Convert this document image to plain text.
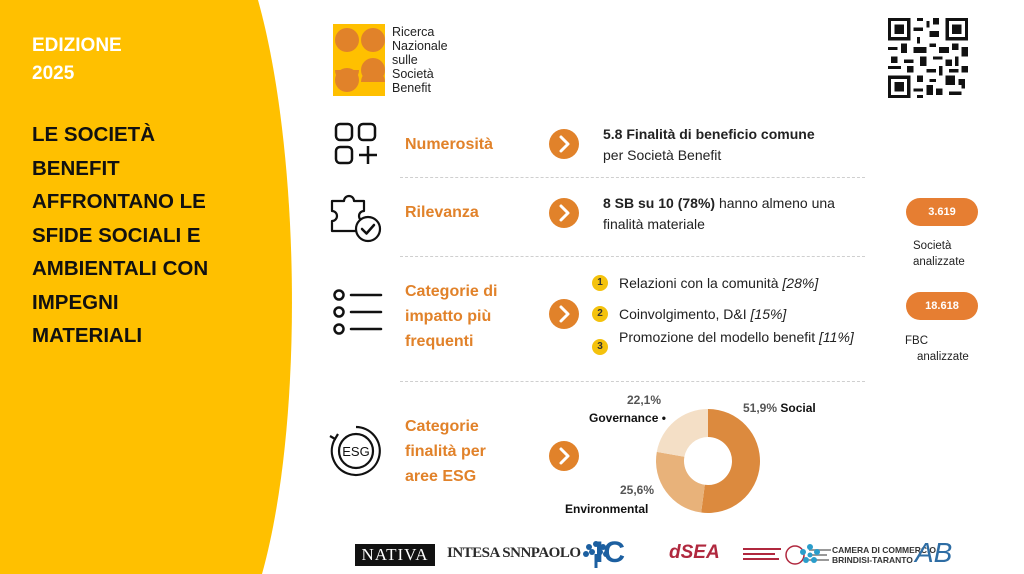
EDIZIONE
2025
LE SOCIETÀ
BENEFIT
AFFRONTANO LE
SFIDE SOCIALI E
AMBIENTALI CON
IMPEGNI
MATERIALI
Ricerca
Nazionale
sulle
Società
Benefit
Numerosità
5.8 Finalità di beneficio comune per Società Benefit
Rilevanza
8 SB su 10 (78%) hanno almeno una finalità materiale
Categorie di
impatto più
frequenti
1	Relazioni con la comunità [28%]
2	Coinvolgimento, D&I [15%]
3
Promozione del modello benefit [11%]
ESG
Categorie
finalità per
aree ESG
51,9% Social
25,6%
Environmental
22,1%
Governance •
3.619
Società
analizzate
18.618
FBC
analizzate
NATIVA	INTESA SNNPAOLO IC dSEA	CAMERA DI COMMERCIO
BRINDISI-TARANTO AB
